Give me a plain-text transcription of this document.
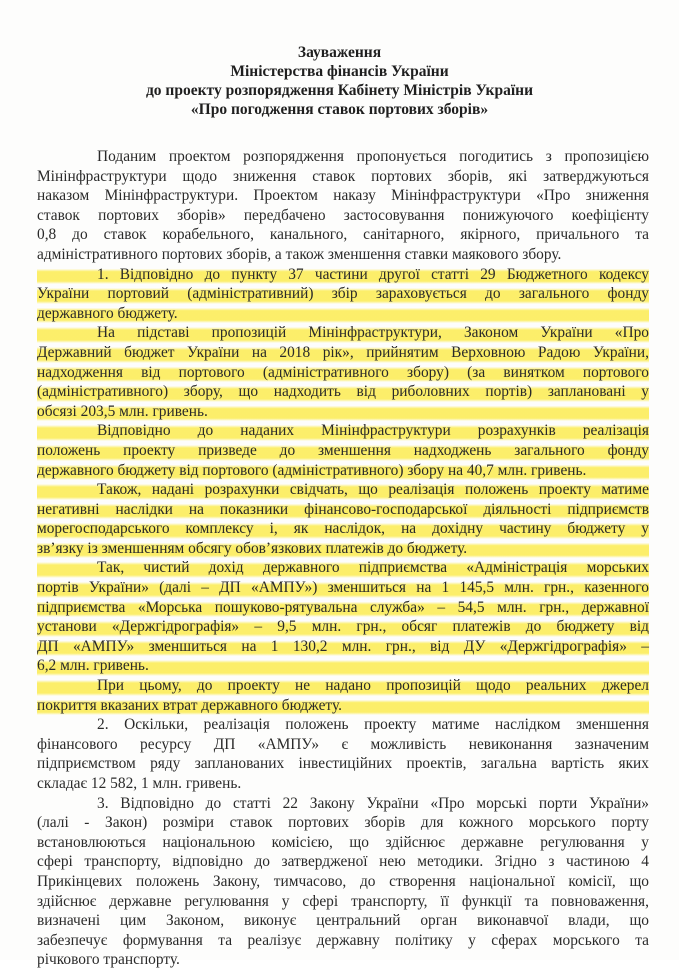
Зауваження
Міністерства фінансів України
до проекту розпорядження Кабінету Міністрів України
«Про погодження ставок портових зборів»
Поданим проектом розпорядження пропонується погодитись з пропозицією
Мінінфраструктури щодо зниження ставок портових зборів, які затверджуються
наказом Мінінфраструктури. Проектом наказу Мінінфраструктури «Про зниження
ставок портових зборів» передбачено застосовування понижуючого коефіцієнту
0,8 до ставок корабельного, канального, санітарного, якірного, причального та
адміністративного портових зборів, а також зменшення ставки маякового збору.
1. Відповідно до пункту 37 частини другої статті 29 Бюджетного кодексу
України портовий (адміністративний) збір зараховується до загального фонду
державного бюджету.
На підставі пропозицій Мінінфраструктури, Законом України «Про
Державний бюджет України на 2018 рік», прийнятим Верховною Радою України,
надходження від портового (адміністративного збору) (за винятком портового
(адміністративного) збору, що надходить від риболовних портів) заплановані у
обсязі 203,5 млн. гривень.
Відповідно до наданих Мінінфраструктури розрахунків реалізація
положень проекту призведе до зменшення надходжень загального фонду
державного бюджету від портового (адміністративного) збору на 40,7 млн. гривень.
Також, надані розрахунки свідчать, що реалізація положень проекту матиме
негативні наслідки на показники фінансово-господарської діяльності підприємств
морегосподарського комплексу і, як наслідок, на дохідну частину бюджету у
зв’язку із зменшенням обсягу обов’язкових платежів до бюджету.
Так, чистий дохід державного підприємства «Адміністрація морських
портів України» (далі – ДП «АМПУ») зменшиться на 1 145,5 млн. грн., казенного
підприємства «Морська пошуково-рятувальна служба» – 54,5 млн. грн., державної
установи «Держгідрографія» – 9,5 млн. грн., обсяг платежів до бюджету від
ДП «АМПУ» зменшиться на 1 130,2 млн. грн., від ДУ «Держгідрографія» –
6,2 млн. гривень.
При цьому, до проекту не надано пропозицій щодо реальних джерел
покриття вказаних втрат державного бюджету.
2. Оскільки, реалізація положень проекту матиме наслідком зменшення
фінансового ресурсу ДП «АМПУ» є можливість невиконання зазначеним
підприємством ряду запланованих інвестиційних проектів, загальна вартість яких
складає 12 582, 1 млн. гривень.
3. Відповідно до статті 22 Закону України «Про морські порти України»
(лалі - Закон) розміри ставок портових зборів для кожного морського порту
встановлюються національною комісією, що здійснює державне регулювання у
сфері транспорту, відповідно до затвердженої нею методики. Згідно з частиною 4
Прикінцевих положень Закону, тимчасово, до створення національної комісії, що
здійснює державне регулювання у сфері транспорту, її функції та повноваження,
визначені цим Законом, виконує центральний орган виконавчої влади, що
забезпечує формування та реалізує державну політику у сферах морського та
річкового транспорту.
